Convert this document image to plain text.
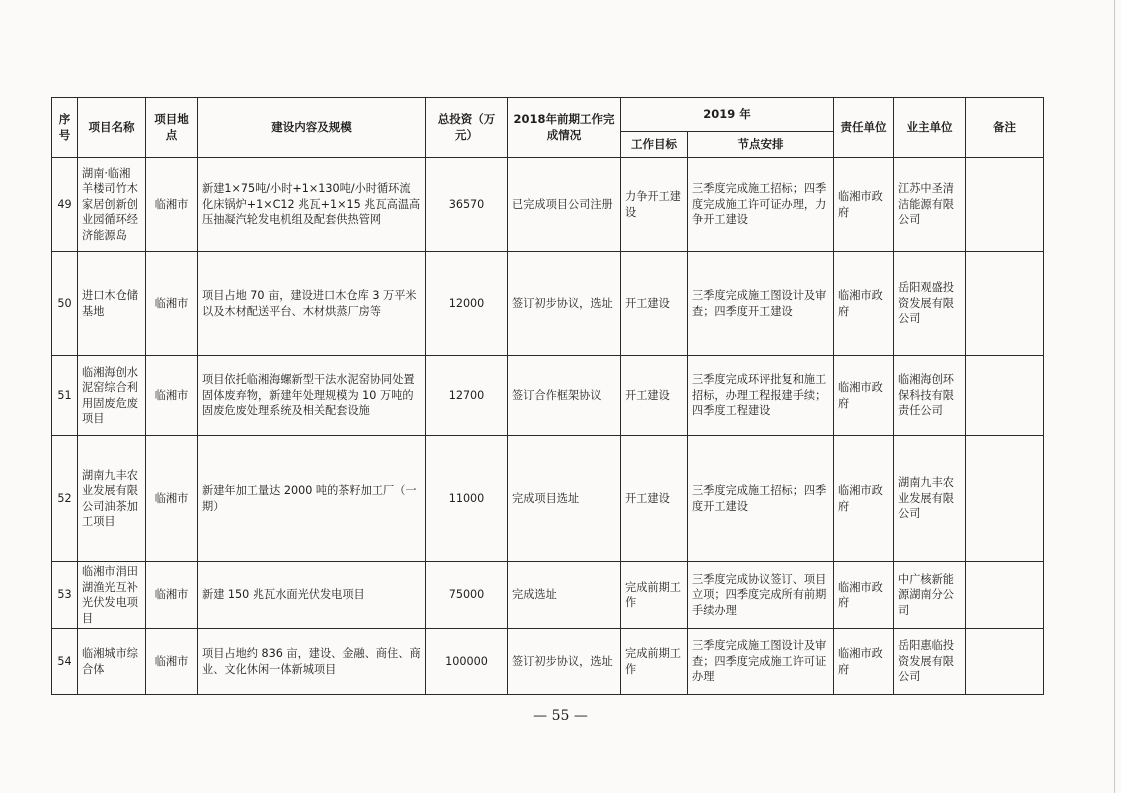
序号	项目名称	项目地点	建设内容及规模	总投资（万元）	2018年前期工作完成情况	2019 年		责任单位	业主单位	备注
						工作目标	节点安排			
49	湖南·临湘羊楼司竹木家居创新创业园循环经济能源岛	临湘市	新建1×75吨/小时+1×130吨/小时循环流化床锅炉+1×C12 兆瓦+1×15 兆瓦高温高压抽凝汽轮发电机组及配套供热管网	36570	已完成项目公司注册	力争开工建设	三季度完成施工招标；四季度完成施工许可证办理，力争开工建设	临湘市政府	江苏中圣清洁能源有限公司	
50	进口木仓储基地	临湘市	项目占地 70 亩，建设进口木仓库 3 万平米以及木材配送平台、木材烘蒸厂房等	12000	签订初步协议，选址	开工建设	三季度完成施工图设计及审查；四季度开工建设	临湘市政府	岳阳观盛投资发展有限公司	
51	临湘海创水泥窑综合利用固废危废项目	临湘市	项目依托临湘海螺新型干法水泥窑协同处置固体废弃物，新建年处理规模为 10 万吨的固废危废处理系统及相关配套设施	12700	签订合作框架协议	开工建设	三季度完成环评批复和施工招标，办理工程报建手续；四季度工程建设	临湘市政府	临湘海创环保科技有限责任公司	
52	湖南九丰农业发展有限公司油茶加工项目	临湘市	新建年加工量达 2000 吨的茶籽加工厂（一期）	11000	完成项目选址	开工建设	三季度完成施工招标；四季度开工建设	临湘市政府	湖南九丰农业发展有限公司	
53	临湘市涓田湖渔光互补光伏发电项目	临湘市	新建 150 兆瓦水面光伏发电项目	75000	完成选址	完成前期工作	三季度完成协议签订、项目立项；四季度完成所有前期手续办理	临湘市政府	中广核新能源湖南分公司	
54	临湘城市综合体	临湘市	项目占地约 836 亩，建设、金融、商住、商业、文化休闲一体新城项目	100000	签订初步协议，选址	完成前期工作	三季度完成施工图设计及审查；四季度完成施工许可证办理	临湘市政府	岳阳惠临投资发展有限公司	
— 55 —
